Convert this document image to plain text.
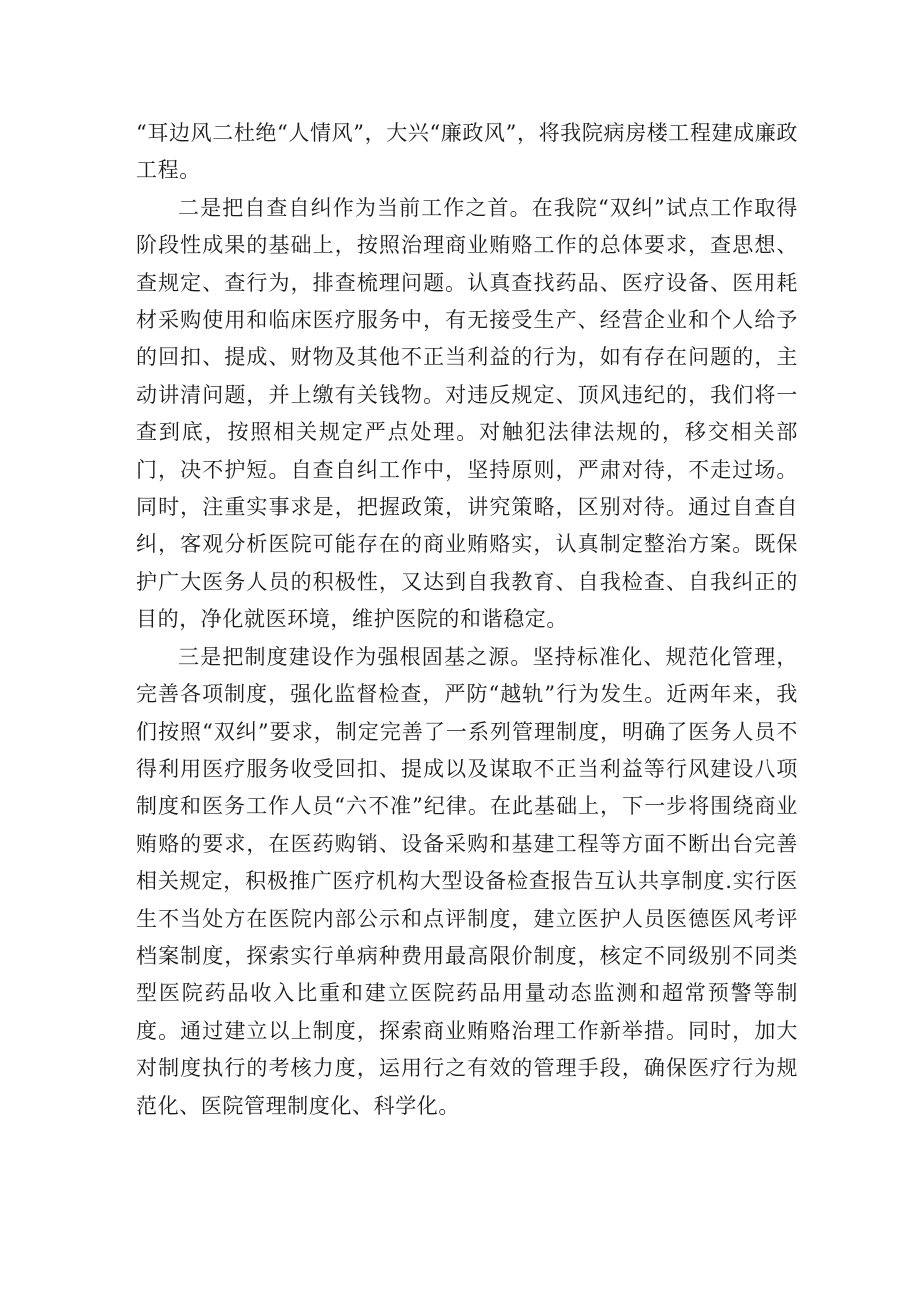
“耳边风二杜绝“人情风”，大兴“廉政风”，将我院病房楼工程建成廉政工程。

二是把自查自纠作为当前工作之首。在我院“双纠”试点工作取得阶段性成果的基础上，按照治理商业贿赂工作的总体要求，查思想、查规定、查行为，排查梳理问题。认真查找药品、医疗设备、医用耗材采购使用和临床医疗服务中，有无接受生产、经营企业和个人给予的回扣、提成、财物及其他不正当利益的行为，如有存在问题的，主动讲清问题，并上缴有关钱物。对违反规定、顶风违纪的，我们将一查到底，按照相关规定严点处理。对触犯法律法规的，移交相关部门，决不护短。自查自纠工作中，坚持原则，严肃对待，不走过场。同时，注重实事求是，把握政策，讲究策略，区别对待。通过自查自纠，客观分析医院可能存在的商业贿赂实，认真制定整治方案。既保护广大医务人员的积极性，又达到自我教育、自我检查、自我纠正的目的，净化就医环境，维护医院的和谐稳定。

三是把制度建设作为强根固基之源。坚持标准化、规范化管理，完善各项制度，强化监督检查，严防“越轨”行为发生。近两年来，我们按照“双纠”要求，制定完善了一系列管理制度，明确了医务人员不得利用医疗服务收受回扣、提成以及谋取不正当利益等行风建设八项制度和医务工作人员“六不准”纪律。在此基础上，下一步将围绕商业贿赂的要求，在医药购销、设备采购和基建工程等方面不断出台完善相关规定，积极推广医疗机构大型设备检查报告互认共享制度.实行医生不当处方在医院内部公示和点评制度，建立医护人员医德医风考评档案制度，探索实行单病种费用最高限价制度，核定不同级别不同类型医院药品收入比重和建立医院药品用量动态监测和超常预警等制度。通过建立以上制度，探索商业贿赂治理工作新举措。同时，加大对制度执行的考核力度，运用行之有效的管理手段，确保医疗行为规范化、医院管理制度化、科学化。
